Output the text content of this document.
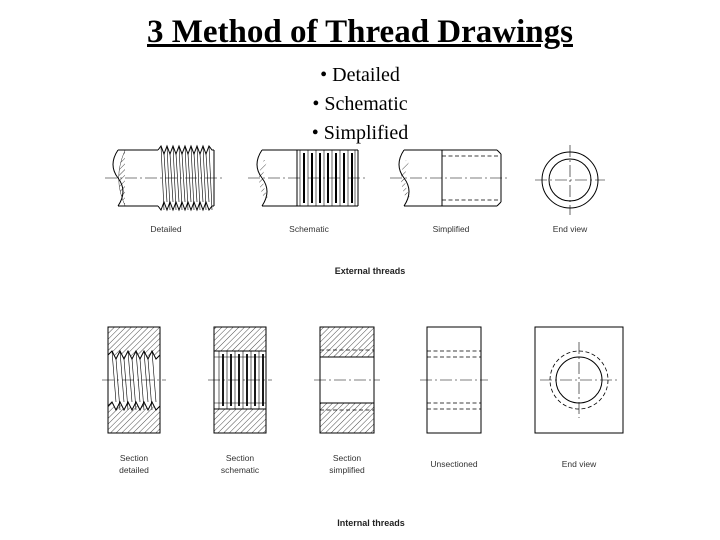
3 Method of Thread Drawings
• Detailed
• Schematic
• Simplified
Detailed	Schematic	Simplified	End view
External threads
Section
detailed
Section
schematic
Section
simplified
Unsectioned	End view
Internal threads
